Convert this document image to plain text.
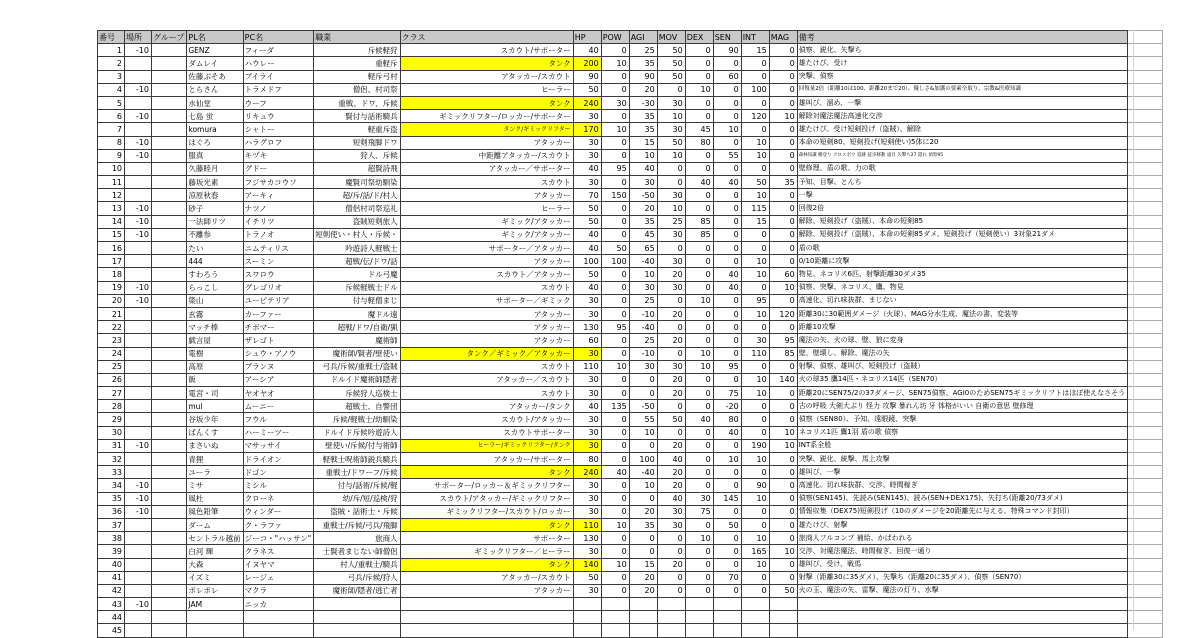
番号	場所	グループ	PL名	PC名	職業	クラス	HP	POW	AGI	MOV	DEX	SEN	INT	MAG	備考	
1	-10		GENZ	フィーダ	斥候軽狩	スカウト/サポーター	40	0	25	50	0	90	15	0	偵察、鋭化、矢撃ち	
2			ダムレイ	ハウレー	重軽斥	タンク	200	10	35	50	0	0	0	0	雄たけび、受け	
3			佐藤ぶそあ	ブイライ	軽斥弓村	アタッカー/スカウト	90	0	90	50	0	60	0	0	突撃、偵察	
4	-10		とらさん	トラメドフ	僧侶、村司祭	ヒーラー	50	0	20	0	10	0	100	0	回復量2倍（距離10は100、距離20まで20）、優しさ&加護の要素全取り、宗教&医療知識	
5			水仙堂	ウーフ	重戦、ドワ、斥候	タンク	240	30	-30	30	0	0	0	0	雄叫び、溜め、一撃	
6	-10		七島 蛍	リキュウ	賢付与話術騎兵	ギミックリフター/ロッカー/サポーター	30	0	35	10	0	0	120	10	解除対魔法魔法高速化交渉	
7			komura	シャトー	軽重斥盗	タンク/ギミックリフター	170	10	35	30	45	10	0	0	雄たけび、受け短剣投げ（盗賊）、解除	
8	-10		はぐろ	ハラグロフ	短剣飛脚ドワ	アタッカー	30	0	15	50	80	0	10	0	本命の短剣80、短剣投げ(短剣使い)5体に20	
9	-10		服真	キヅキ	狩人、斥候	中距離アタッカー/スカウト	30	0	10	10	0	55	10	0	森林知識 樹登り クロスボウ 追跡 徒歩移動 遠目 矢撃ち27 隠れ 偵察95	
10			久藤睦月	グドー	超賢詩飛	アタッカー／サポーター	40	95	40	0	0	0	0	0	壁修理、盾の歌、力の歌	
11			藤坂光素	フジサカコウソ	魔賢司祭幼馴染	スカウト	30	0	30	0	40	40	50	35	予知、目撃、とんち	
12			涼原秋春	アーキィ	超/斥/話/ド/村人	アタッカー	70	150	-50	30	0	0	10	0	一撃	
13	-10		砂子	ナツノ	僧侶村司祭巡礼	ヒーラー	50	0	20	10	0	0	115	0	回復2倍	
14	-10		一法師リツ	イチリツ	盗賊短剣旅人	ギミック/アタッカー	50	0	35	25	85	0	15	0	解除、短剣投げ（盗賊）、本命の短剣85	
15	-10		不離参	トラノオ	・短剣使い・村人・斥候	ギミック/アタッカー	40	0	45	30	85	0	0	0	解除、短剣投げ（盗賊）、本命の短剣85ダメ、短剣投げ（短剣使い）3対象21ダメ	
16			たい	ニムティリス	吟遊詩人軽戦士	サポーター／アタッカー	40	50	65	0	0	0	0	0	盾の歌	
17			444	スーミン	超戦/伝/ドワ/話	アタッカー	100	100	-40	30	0	0	10	0	0/10距離に攻撃	
18			すわろう	スワロウ	ドル弓魔	スカウト／アタッカー	50	0	10	20	0	40	10	60	物見、ネコリス6匹、射撃距離30ダメ35	
19	-10		らっこし	グレゴリオ	斥候軽戦士ドル	スカウト	40	0	30	30	0	40	0	10	偵察、突撃、ネコリス、鷹、物見	
20	-10		簗山	ユーピテリア	付与軽僧まじ	サポーター／ギミック	30	0	25	0	10	0	95	0	高速化、切れ味抜群、まじない	
21			玄霧	カーファー	魔ドル遠	アタッカー	30	0	-10	20	0	0	10	120	距離30に30範囲ダメージ（火球）、MAG分水生成、魔法の書、変装等	
22			マッチ棒	チボマー	超戦/ドワ/自衛/猟	アタッカー	130	95	-40	0	0	0	0	0	距離10攻撃	
23			戯言屋	ザレゴト	魔術師	アタッカー	60	0	25	20	0	0	30	95	魔法の矢、火の球、壁、狼に変身	
24			電樹	シュウ・アノウ	魔術師/賢者/壁使い	タンク／ギミック／アタッカー	30	0	-10	0	10	0	110	85	壁、壁壊し、解除、魔法の矢	
25			高原	ブランヌ	弓兵/斥候/重戦士/盗賊	スカウト	110	10	30	30	10	95	0	0	射撃、偵察、雄叫び、短剣投げ（盗賊）	
26			飯	アーシア	ドルイド魔術師隠者	アタッカー／スカウト	30	0	0	20	0	0	10	140	火の球35 鷹14匹・ネコリス14匹（SEN70）	
27			電宮・司	ヤオヤオ	斥候狩人巡検士	スカウト	30	0	0	20	0	75	10	0	距離20にSEN75/2の37ダメージ、SEN75偵察、AGI0のためSEN75ギミックリフトはほぼ使えなさそう	
28			mul	ムーニー	超戦士、自警団	アタッカー/タンク	40	135	-50	0	0	-20	0	0	古の呼吸 大剣大ぶり 怪力 攻撃 暴れん坊 牙 体格がいい 自衛の意思 壁修理	
29			谷坂少年	フウル	斥候/軽戦士/幼馴染	スカウト/アタッカー	30	0	55	50	40	80	0	0	偵察（SEN80）、予知、遠眼鏡、突撃	
30			ばんくす	ハーミーツー	ドルイド斥候吟遊詩人	スカウトサポーター	30	0	10	0	0	40	0	10	ネコリス1匹 鷹1羽 盾の歌 偵察	
31	-10		まさいぬ	マサッサイ	壁使い/斥候/付与術師	ヒーラー/ギミックリフター/タンク	30	0	0	20	0	0	190	10	INT系全般	
32			青狸	ドライオン	軽戦士呪術師鋭兵騎兵	アタッカー/サポーター	80	0	100	40	0	10	10	0	突撃、鋭化、統撃、馬上攻撃	
33			ユーラ	ドゴン	重戦士/ドワーフ/斥候	タンク	240	40	-40	20	0	0	0	0	雄叫び、一撃	
34	-10		ミサ	ミシル	付与/話術/斥候/軽	サポーター/ロッカー＆ギミックリフター	30	0	10	20	0	0	90	0	高速化、切れ味抜群、交渉、時間稼ぎ	
35	-10		風杜	クローネ	幼/斥/短/巡検/狩	スカウト/アタッカー/ギミックリフター	30	0	0	40	30	145	10	0	偵察(SEN145)、先読み(SEN145)、読み(SEN+DEX175)、矢打ち(距離20/73ダメ)	
36	-10		風色鉛筆	ウィンダー	盗賊・話術士・斥候	ギミックリフター/スカウト/ロッカー	30	0	20	30	75	0	0	0	情報収集（DEX75)短剣投げ（10のダメージを20距離先に与える、特殊コマンド封印）	
37			ダーム	ク・ラファ	重戦士/斥候/弓兵/飛脚	タンク	110	10	35	30	0	50	0	0	雄たけび、射撃	
38			セントラル越前	ジーコ・"ハッサン"	旅商人	サポーター	130	0	0	0	10	0	10	0	旅商人フルコンプ 補給、かばわれる	
39			白河 輝	クラネス	士賢者まじない師僧侶	ギミックリフター／ヒーラー	30	0	0	0	0	0	165	10	交渉、対魔法魔法、時間稼ぎ、回復一通り	
40			大森	イヌヤマ	村人/重戦士/騎兵	タンク	140	10	15	20	0	0	10	0	雄叫び、受け、戦馬	
41			イズミ	レージェ	弓兵/斥候/狩人	アタッカー/スカウト	50	0	20	0	0	70	0	0	射撃（距離30に35ダメ）、矢撃ち（距離20に35ダメ）、偵察（SEN70）	
42			ポレポレ	マクラ	魔術師/隠者/逃亡者	アタッカー	30	0	20	0	0	0	0	50	火の玉、魔法の矢、雷撃、魔法の灯り、水撃	
43	-10		JAM	ニッカ												
44																
45																
